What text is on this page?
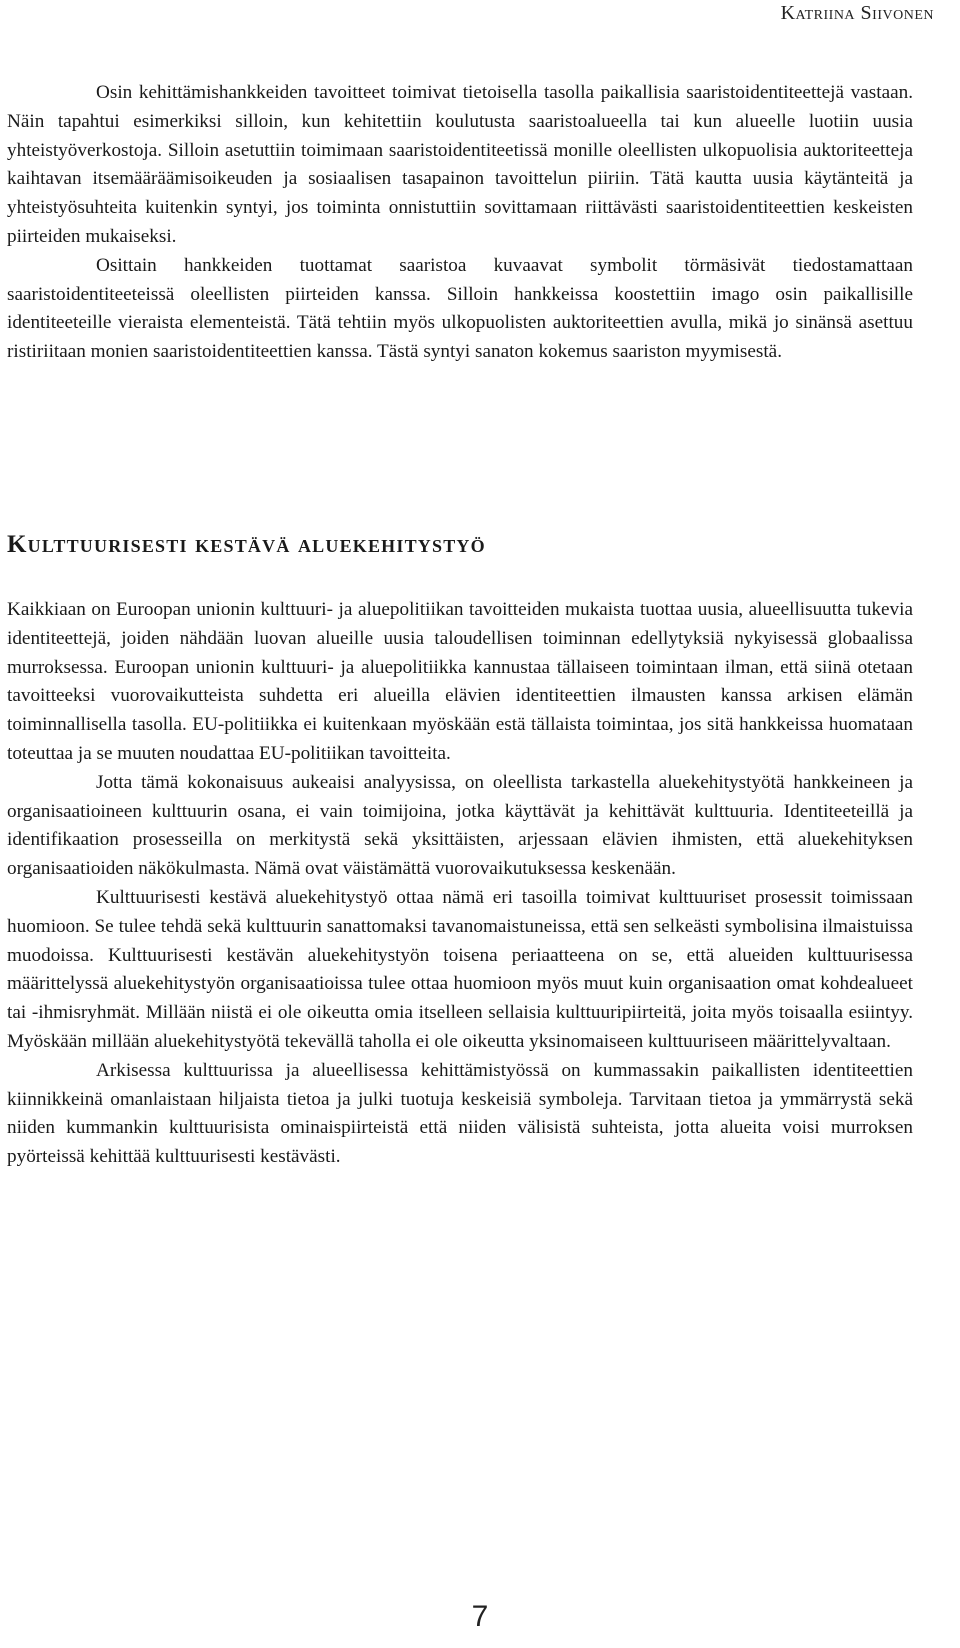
Katriina Siivonen

Osin kehittämishankkeiden tavoitteet toimivat tietoisella tasolla paikallisia saaristoidentiteettejä vastaan. Näin tapahtui esimerkiksi silloin, kun kehitettiin koulutusta saaristoalueella tai kun alueelle luotiin uusia yhteistyöverkostoja. Silloin asetuttiin toimimaan saaristoidentiteetissä monille oleellisten ulkopuolisia auktoriteetteja kaihtavan itsemääräämisoikeuden ja sosiaalisen tasapainon tavoittelun piiriin. Tätä kautta uusia käytänteitä ja yhteistyösuhteita kuitenkin syntyi, jos toiminta onnistuttiin sovittamaan riittävästi saaristoidentiteettien keskeisten piirteiden mukaiseksi.

Osittain hankkeiden tuottamat saaristoa kuvaavat symbolit törmäsivät tiedostamattaan saaristoidentiteeteissä oleellisten piirteiden kanssa. Silloin hankkeissa koostettiin imago osin paikallisille identiteeteille vieraista elementeistä. Tätä tehtiin myös ulkopuolisten auktoriteettien avulla, mikä jo sinänsä asettuu ristiriitaan monien saaristoidentiteettien kanssa. Tästä syntyi sanaton kokemus saariston myymisestä.

Kulttuurisesti kestävä aluekehitystyö

Kaikkiaan on Euroopan unionin kulttuuri- ja aluepolitiikan tavoitteiden mukaista tuottaa uusia, alueellisuutta tukevia identiteettejä, joiden nähdään luovan alueille uusia taloudellisen toiminnan edellytyksiä nykyisessä globaalissa murroksessa. Euroopan unionin kulttuuri- ja aluepolitiikka kannustaa tällaiseen toimintaan ilman, että siinä otetaan tavoitteeksi vuorovaikutteista suhdetta eri alueilla elävien identiteettien ilmausten kanssa arkisen elämän toiminnallisella tasolla. EU-politiikka ei kuitenkaan myöskään estä tällaista toimintaa, jos sitä hankkeissa huomataan toteuttaa ja se muuten noudattaa EU-politiikan tavoitteita.

Jotta tämä kokonaisuus aukeaisi analyysissa, on oleellista tarkastella aluekehitystyötä hankkeineen ja organisaatioineen kulttuurin osana, ei vain toimijoina, jotka käyttävät ja kehittävät kulttuuria. Identiteeteillä ja identifikaation prosesseilla on merkitystä sekä yksittäisten, arjessaan elävien ihmisten, että aluekehityksen organisaatioiden näkökulmasta. Nämä ovat väistämättä vuorovaikutuksessa keskenään.

Kulttuurisesti kestävä aluekehitystyö ottaa nämä eri tasoilla toimivat kulttuuriset prosessit toimissaan huomioon. Se tulee tehdä sekä kulttuurin sanattomaksi tavanomaistuneissa, että sen selkeästi symbolisina ilmaistuissa muodoissa. Kulttuurisesti kestävän aluekehitystyön toisena periaatteena on se, että alueiden kulttuurisessa määrittelyssä aluekehitystyön organisaatioissa tulee ottaa huomioon myös muut kuin organisaation omat kohdealueet tai -ihmisryhmät. Millään niistä ei ole oikeutta omia itselleen sellaisia kulttuuripiirteitä, joita myös toisaalla esiintyy. Myöskään millään aluekehitystyötä tekevällä taholla ei ole oikeutta yksinomaiseen kulttuuriseen määrittelyvaltaan.

Arkisessa kulttuurissa ja alueellisessa kehittämistyössä on kummassakin paikallisten identiteettien kiinnikkeinä omanlaistaan hiljaista tietoa ja julki tuotuja keskeisiä symboleja. Tarvitaan tietoa ja ymmärrystä sekä niiden kummankin kulttuurisista ominaispiirteistä että niiden välisistä suhteista, jotta alueita voisi murroksen pyörteissä kehittää kulttuurisesti kestävästi.

7
